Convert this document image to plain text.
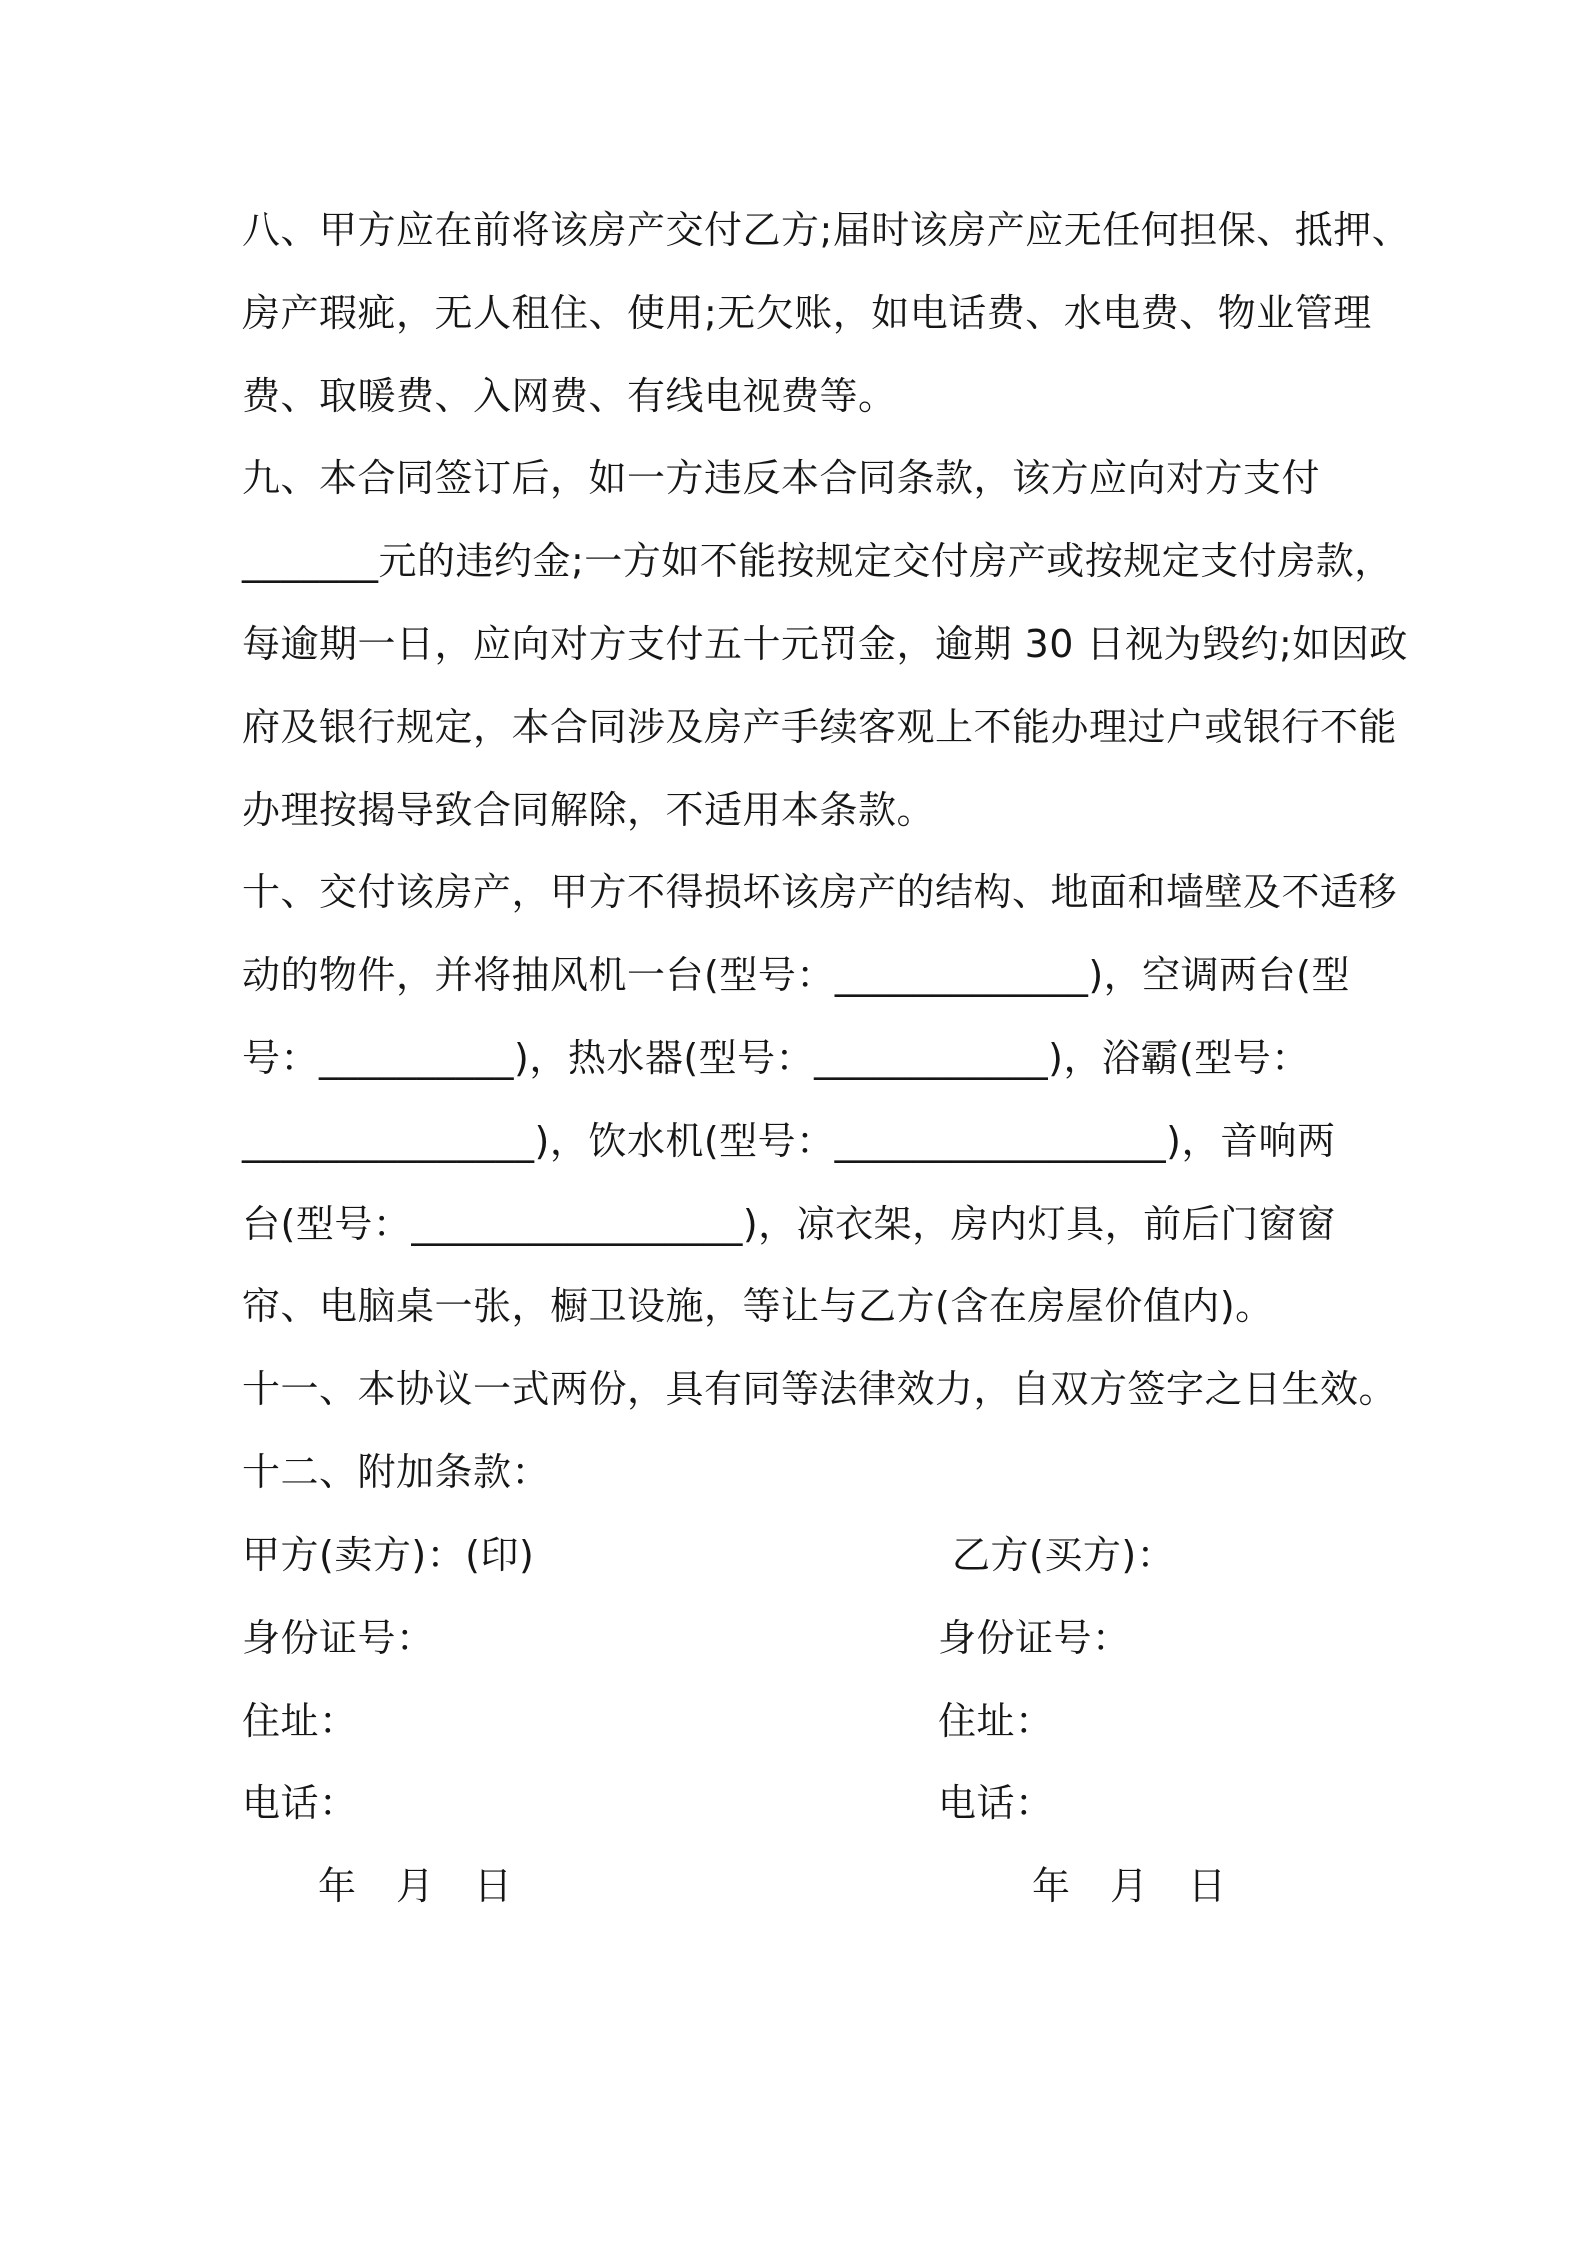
八、甲方应在前将该房产交付乙方;届时该房产应无任何担保、抵押、
房产瑕疵，无人租住、使用;无欠账，如电话费、水电费、物业管理
费、取暖费、入网费、有线电视费等。
九、本合同签订后，如一方违反本合同条款，该方应向对方支付
_______元的违约金;一方如不能按规定交付房产或按规定支付房款，
每逾期一日，应向对方支付五十元罚金，逾期 30 日视为毁约;如因政
府及银行规定，本合同涉及房产手续客观上不能办理过户或银行不能
办理按揭导致合同解除，不适用本条款。
十、交付该房产，甲方不得损坏该房产的结构、地面和墙壁及不适移
动的物件，并将抽风机一台(型号：_____________)，空调两台(型
号：__________)，热水器(型号：____________)，浴霸(型号：
_______________)，饮水机(型号：_________________)，音响两
台(型号：_________________)，凉衣架，房内灯具，前后门窗窗
帘、电脑桌一张，橱卫设施，等让与乙方(含在房屋价值内)。
十一、本协议一式两份，具有同等法律效力，自双方签字之日生效。
十二、附加条款：
甲方(卖方)：(印)
身份证号：
住址：
电话：
年 月 日
乙方(买方)：
身份证号：
住址：
电话：
年 月 日
